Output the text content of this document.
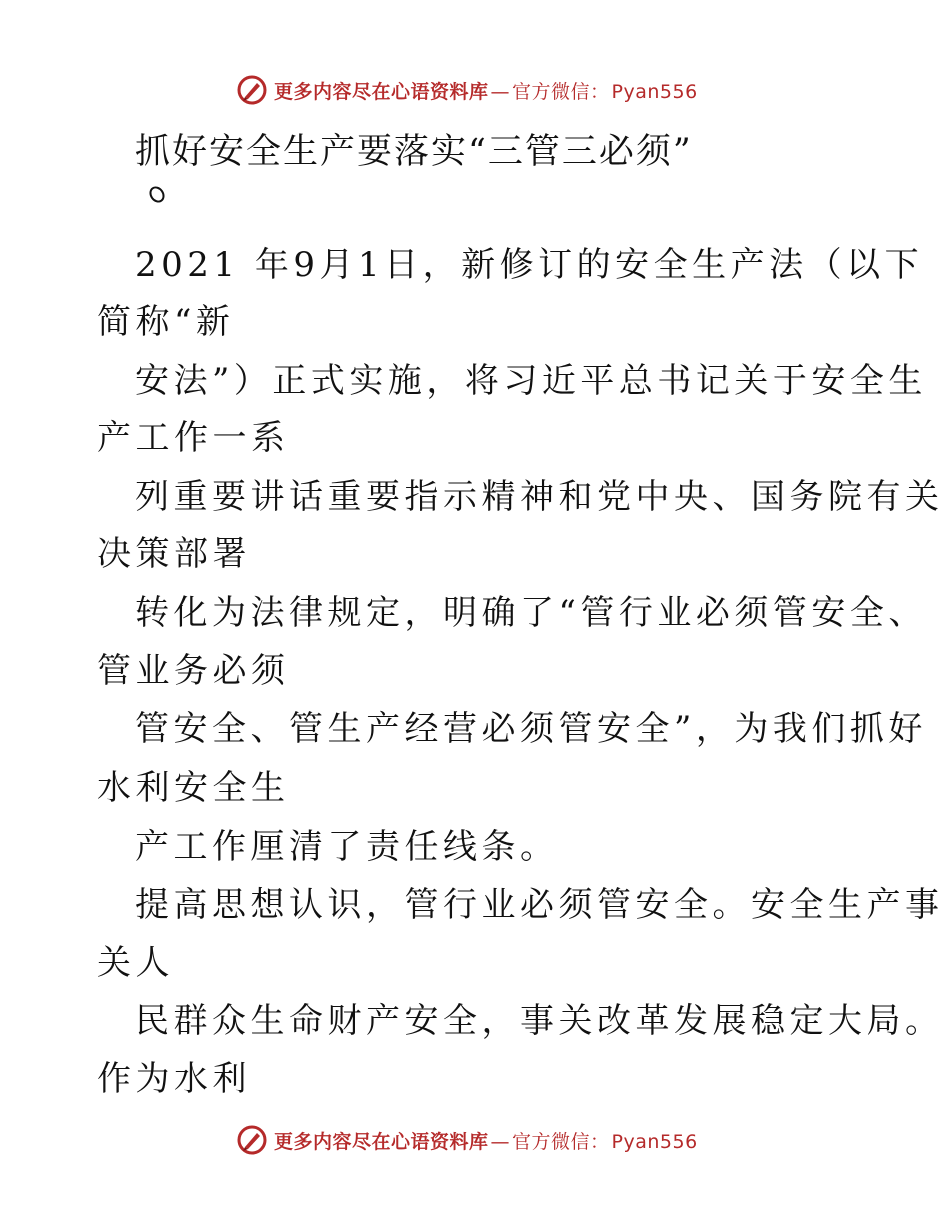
更多内容尽在心语资料库 — 官方微信： Pyan556
抓好安全生产要落实“三管三必须”
2021 年9月1日，新修订的安全生产法（以下
简称“新
安法”）正式实施，将习近平总书记关于安全生
产工作一系
列重要讲话重要指示精神和党中央、国务院有关
决策部署
转化为法律规定，明确了“管行业必须管安全、
管业务必须
管安全、管生产经营必须管安全”，为我们抓好
水利安全生
产工作厘清了责任线条。
提高思想认识，管行业必须管安全。安全生产事
关人
民群众生命财产安全，事关改革发展稳定大局。
作为水利
更多内容尽在心语资料库 — 官方微信： Pyan556
